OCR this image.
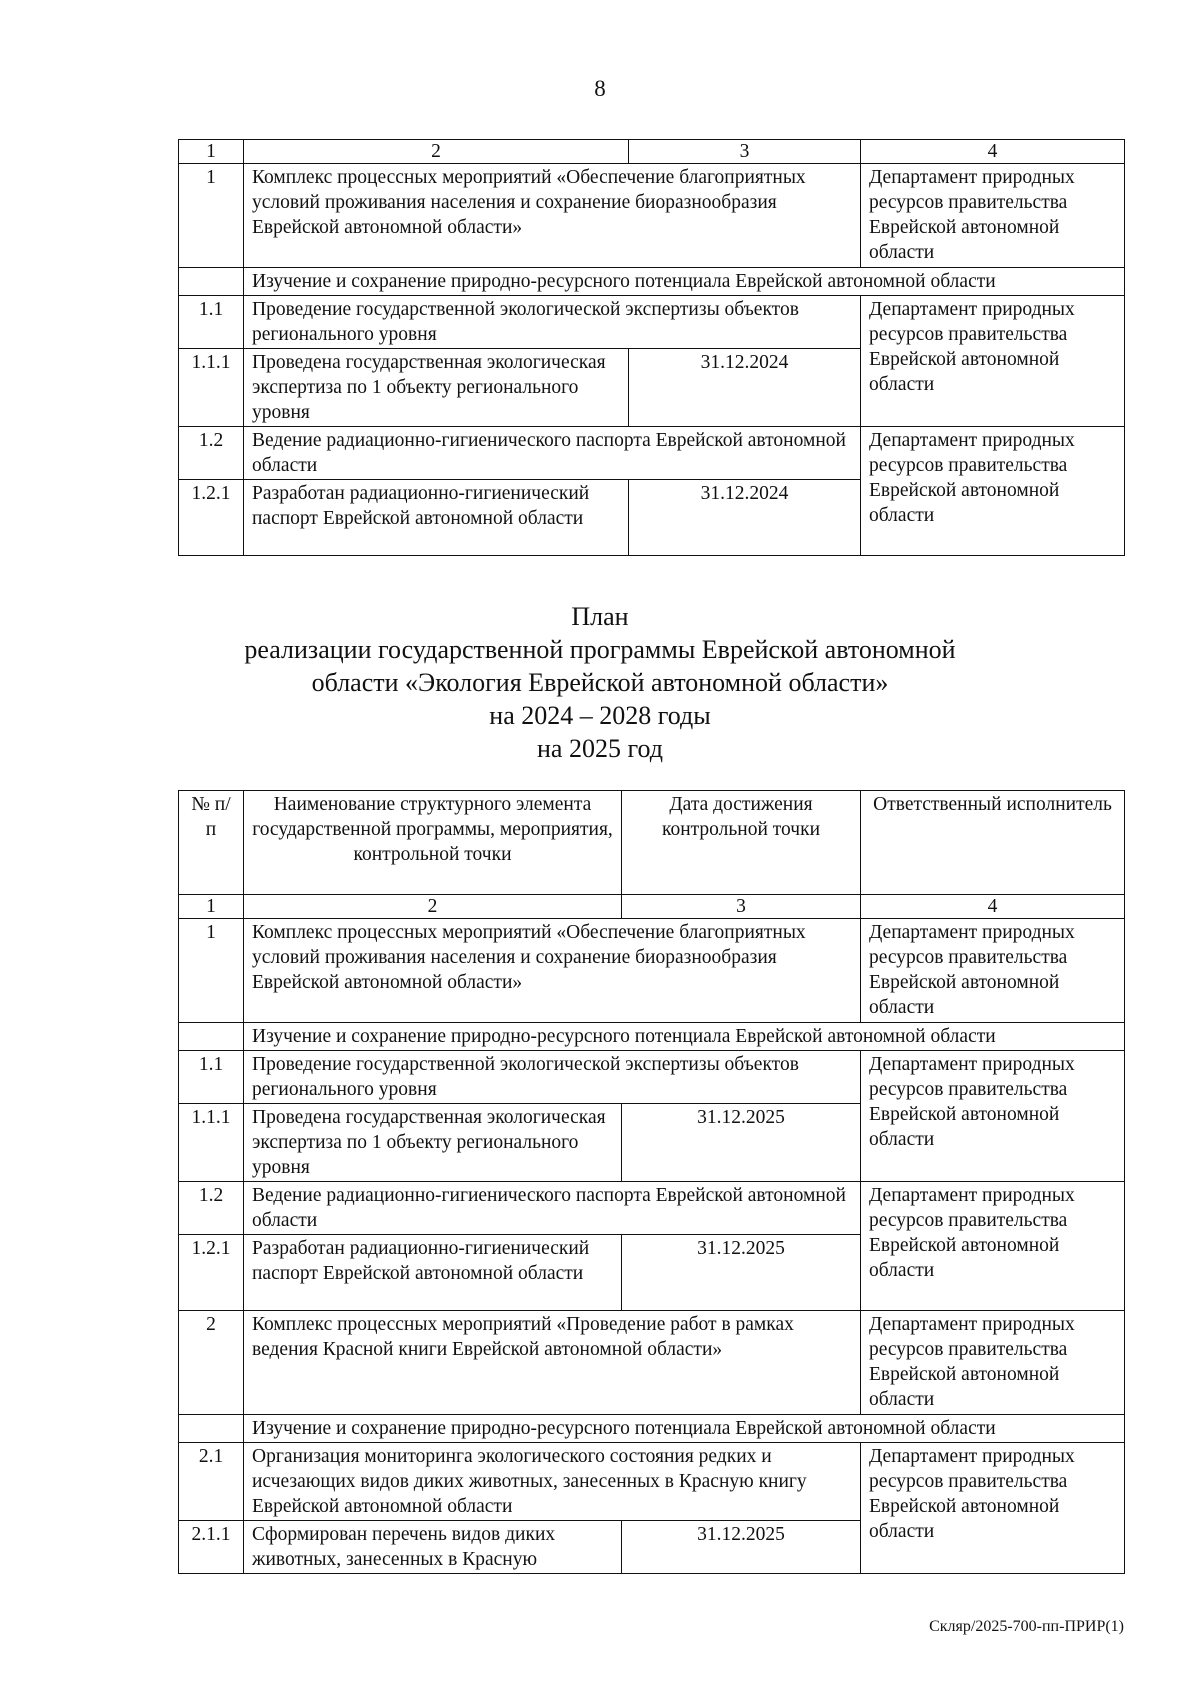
8
1	2	3	4
1	Комплекс процессных мероприятий «Обеспечение благоприятных условий проживания населения и сохранение биоразнообразия Еврейской автономной области»		Департамент природных ресурсов правительства Еврейской автономной области
	Изучение и сохранение природно-ресурсного потенциала Еврейской автономной области		
1.1	Проведение государственной экологической экспертизы объектов регионального уровня		Департамент природных ресурсов правительства Еврейской автономной области
1.1.1	Проведена государственная экологическая экспертиза по 1 объекту регионального уровня	31.12.2024	
1.2	Ведение радиационно-гигиенического паспорта Еврейской автономной области		Департамент природных ресурсов правительства Еврейской автономной области
1.2.1	Разработан радиационно-гигиенический паспорт Еврейской автономной области	31.12.2024	
План
реализации государственной программы Еврейской автономной
области «Экология Еврейской автономной области»
на 2024 – 2028 годы
на 2025 год
№ п/п	Наименование структурного элемента государственной программы, мероприятия, контрольной точки	Дата достижения контрольной точки	Ответственный исполнитель
1	2	3	4
1	Комплекс процессных мероприятий «Обеспечение благоприятных условий проживания населения и сохранение биоразнообразия Еврейской автономной области»		Департамент природных ресурсов правительства Еврейской автономной области
	Изучение и сохранение природно-ресурсного потенциала Еврейской автономной области		
1.1	Проведение государственной экологической экспертизы объектов регионального уровня		Департамент природных ресурсов правительства Еврейской автономной области
1.1.1	Проведена государственная экологическая экспертиза по 1 объекту регионального уровня	31.12.2025	
1.2	Ведение радиационно-гигиенического паспорта Еврейской автономной области		Департамент природных ресурсов правительства Еврейской автономной области
1.2.1	Разработан радиационно-гигиенический паспорт Еврейской автономной области	31.12.2025	
2	Комплекс процессных мероприятий «Проведение работ в рамках ведения Красной книги Еврейской автономной области»		Департамент природных ресурсов правительства Еврейской автономной области
	Изучение и сохранение природно-ресурсного потенциала Еврейской автономной области		
2.1	Организация мониторинга экологического состояния редких и исчезающих видов диких животных, занесенных в Красную книгу Еврейской автономной области		Департамент природных ресурсов правительства Еврейской автономной области
2.1.1	Сформирован перечень видов диких животных, занесенных в Красную	31.12.2025	
Скляр/2025-700-пп-ПРИР(1)
